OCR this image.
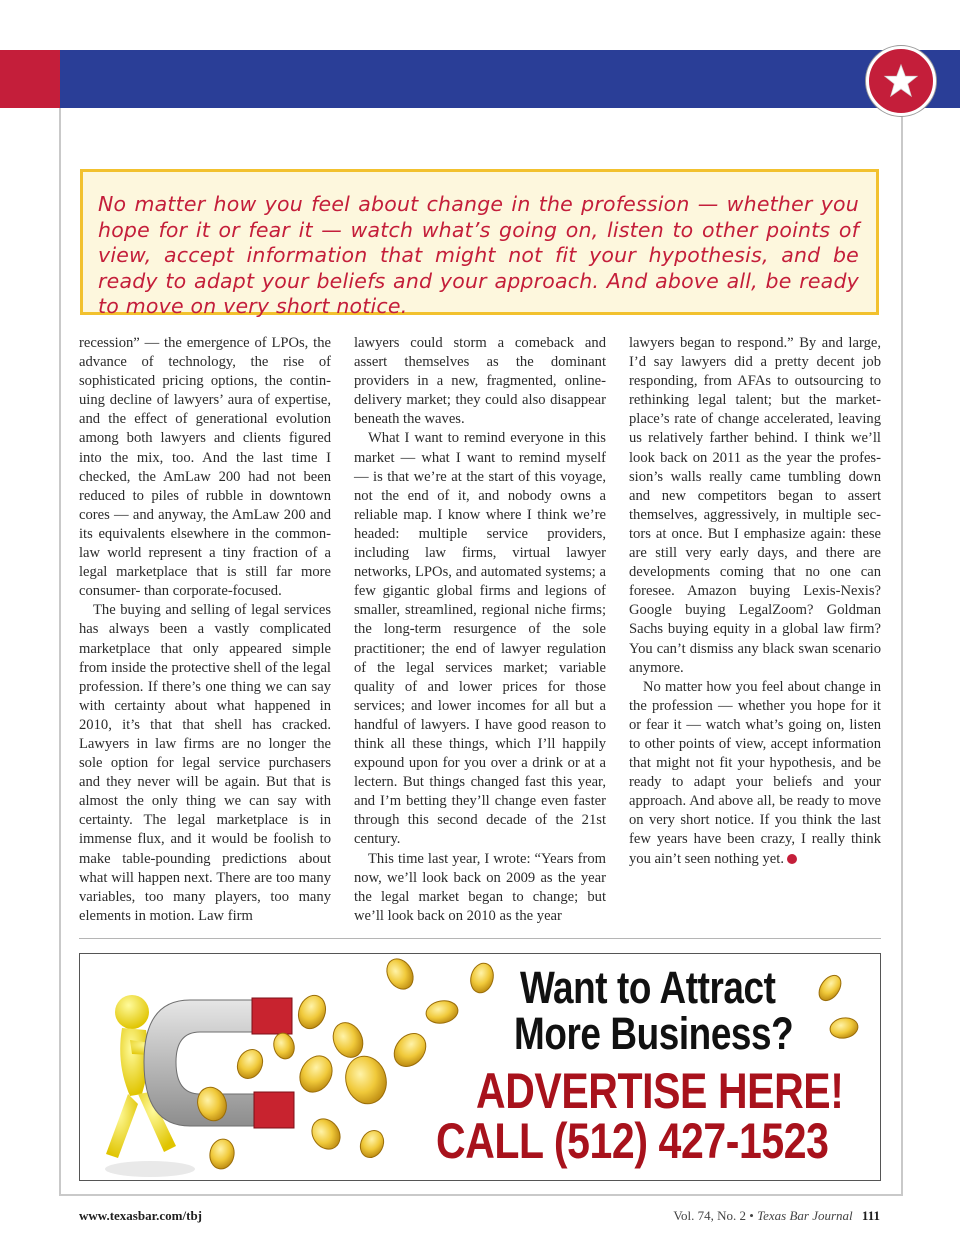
No matter how you feel about change in the profession — whether you hope for it or fear it — watch what’s going on, listen to other points of view, accept information that might not fit your hypothesis, and be ready to adapt your beliefs and your approach. And above all, be ready to move on very short notice.

recession” — the emergence of LPOs, the advance of technology, the rise of sophisticated pricing options, the continuing decline of lawyers’ aura of expertise, and the effect of generational evolution among both lawyers and clients figured into the mix, too. And the last time I checked, the AmLaw 200 had not been reduced to piles of rubble in downtown cores — and anyway, the AmLaw 200 and its equivalents elsewhere in the common-law world represent a tiny fraction of a legal marketplace that is still far more consumer- than corporate-focused.

The buying and selling of legal services has always been a vastly complicated marketplace that only appeared simple from inside the protective shell of the legal profession. If there’s one thing we can say with certainty about what happened in 2010, it’s that that shell has cracked. Lawyers in law firms are no longer the sole option for legal service purchasers and they never will be again. But that is almost the only thing we can say with certainty. The legal marketplace is in immense flux, and it would be foolish to make table-pounding predictions about what will happen next. There are too many variables, too many players, too many elements in motion. Law firm

lawyers could storm a comeback and assert themselves as the dominant providers in a new, fragmented, online-delivery market; they could also disappear beneath the waves.

What I want to remind everyone in this market — what I want to remind myself — is that we’re at the start of this voyage, not the end of it, and nobody owns a reliable map. I know where I think we’re headed: multiple service providers, including law firms, virtual lawyer networks, LPOs, and automated systems; a few gigantic global firms and legions of smaller, streamlined, regional niche firms; the long-term resurgence of the sole practitioner; the end of lawyer regulation of the legal services market; variable quality of and lower prices for those services; and lower incomes for all but a handful of lawyers. I have good reason to think all these things, which I’ll happily expound upon for you over a drink or at a lectern. But things changed fast this year, and I’m betting they’ll change even faster through this second decade of the 21st century.

This time last year, I wrote: “Years from now, we’ll look back on 2009 as the year the legal market began to change; but we’ll look back on 2010 as the year

lawyers began to respond.” By and large, I’d say lawyers did a pretty decent job responding, from AFAs to outsourcing to rethinking legal talent; but the marketplace’s rate of change accelerated, leaving us relatively farther behind. I think we’ll look back on 2011 as the year the profession’s walls really came tumbling down and new competitors began to assert themselves, aggressively, in multiple sectors at once. But I emphasize again: these are still very early days, and there are developments coming that no one can foresee. Amazon buying Lexis-Nexis? Google buying LegalZoom? Goldman Sachs buying equity in a global law firm? You can’t dismiss any black swan scenario anymore.

No matter how you feel about change in the profession — whether you hope for it or fear it — watch what’s going on, listen to other points of view, accept information that might not fit your hypothesis, and be ready to adapt your beliefs and your approach. And above all, be ready to move on very short notice. If you think the last few years have been crazy, I really think you ain’t seen nothing yet.

Want to Attract
More Business?
ADVERTISE HERE!
CALL (512) 427-1523
www.texasbar.com/tbj	Vol. 74, No. 2 • Texas Bar Journal 111
